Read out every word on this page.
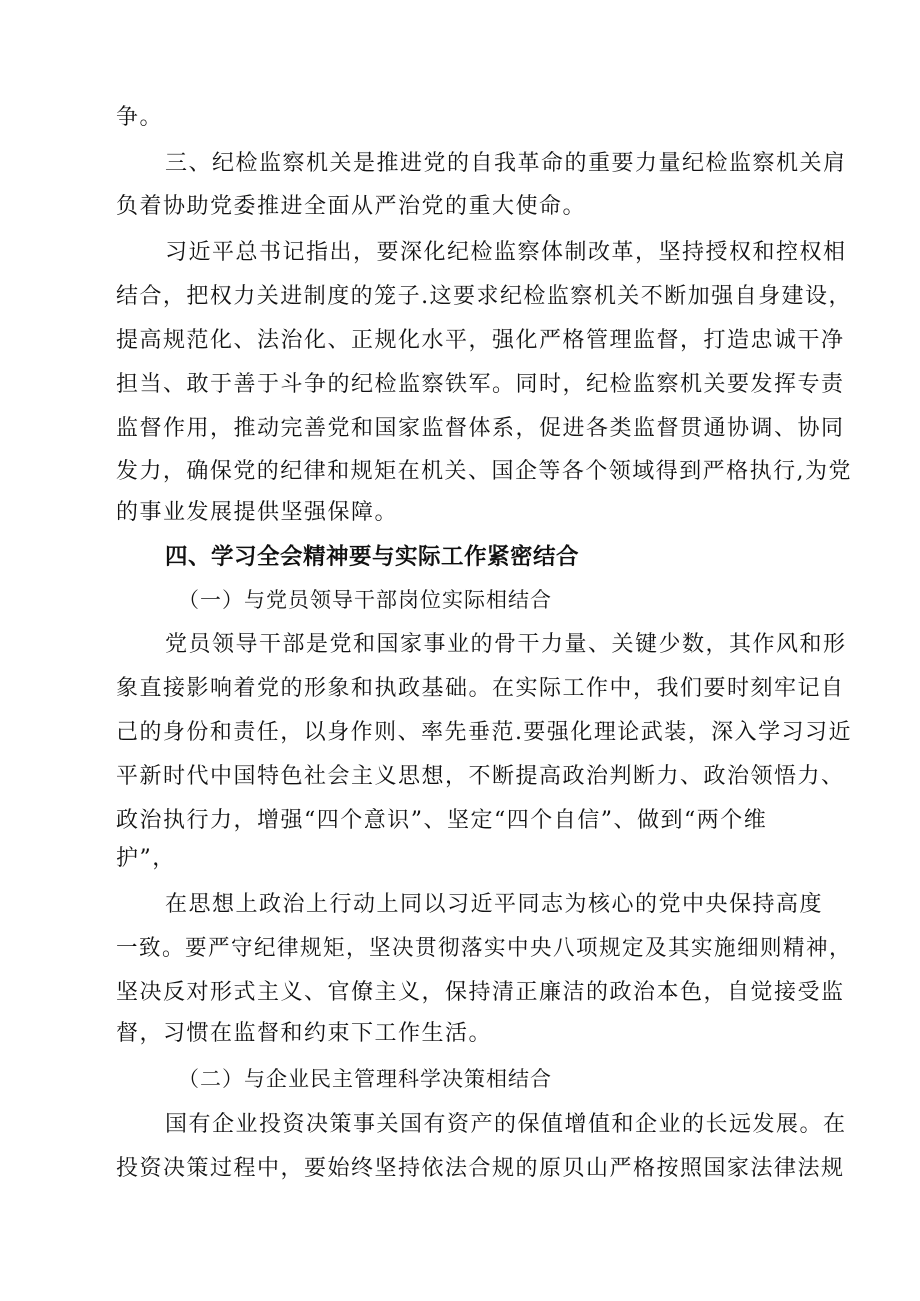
争。
三、纪检监察机关是推进党的自我革命的重要力量纪检监察机关肩
负着协助党委推进全面从严治党的重大使命。
习近平总书记指出，要深化纪检监察体制改革，坚持授权和控权相
结合，把权力关进制度的笼子.这要求纪检监察机关不断加强自身建设，
提高规范化、法治化、正规化水平，强化严格管理监督，打造忠诚干净
担当、敢于善于斗争的纪检监察铁军。同时，纪检监察机关要发挥专责
监督作用，推动完善党和国家监督体系，促进各类监督贯通协调、协同
发力，确保党的纪律和规矩在机关、国企等各个领域得到严格执行,为党
的事业发展提供坚强保障。
四、学习全会精神要与实际工作紧密结合
（一）与党员领导干部岗位实际相结合
党员领导干部是党和国家事业的骨干力量、关键少数，其作风和形
象直接影响着党的形象和执政基础。在实际工作中，我们要时刻牢记自
己的身份和责任，以身作则、率先垂范.要强化理论武装，深入学习习近
平新时代中国特色社会主义思想，不断提高政治判断力、政治领悟力、
政治执行力，增强“四个意识”、坚定“四个自信”、做到“两个维
护”，
在思想上政治上行动上同以习近平同志为核心的党中央保持高度
一致。要严守纪律规矩，坚决贯彻落实中央八项规定及其实施细则精神，
坚决反对形式主义、官僚主义，保持清正廉洁的政治本色，自觉接受监
督，习惯在监督和约束下工作生活。
（二）与企业民主管理科学决策相结合
国有企业投资决策事关国有资产的保值增值和企业的长远发展。在
投资决策过程中，要始终坚持依法合规的原贝山严格按照国家法律法规
